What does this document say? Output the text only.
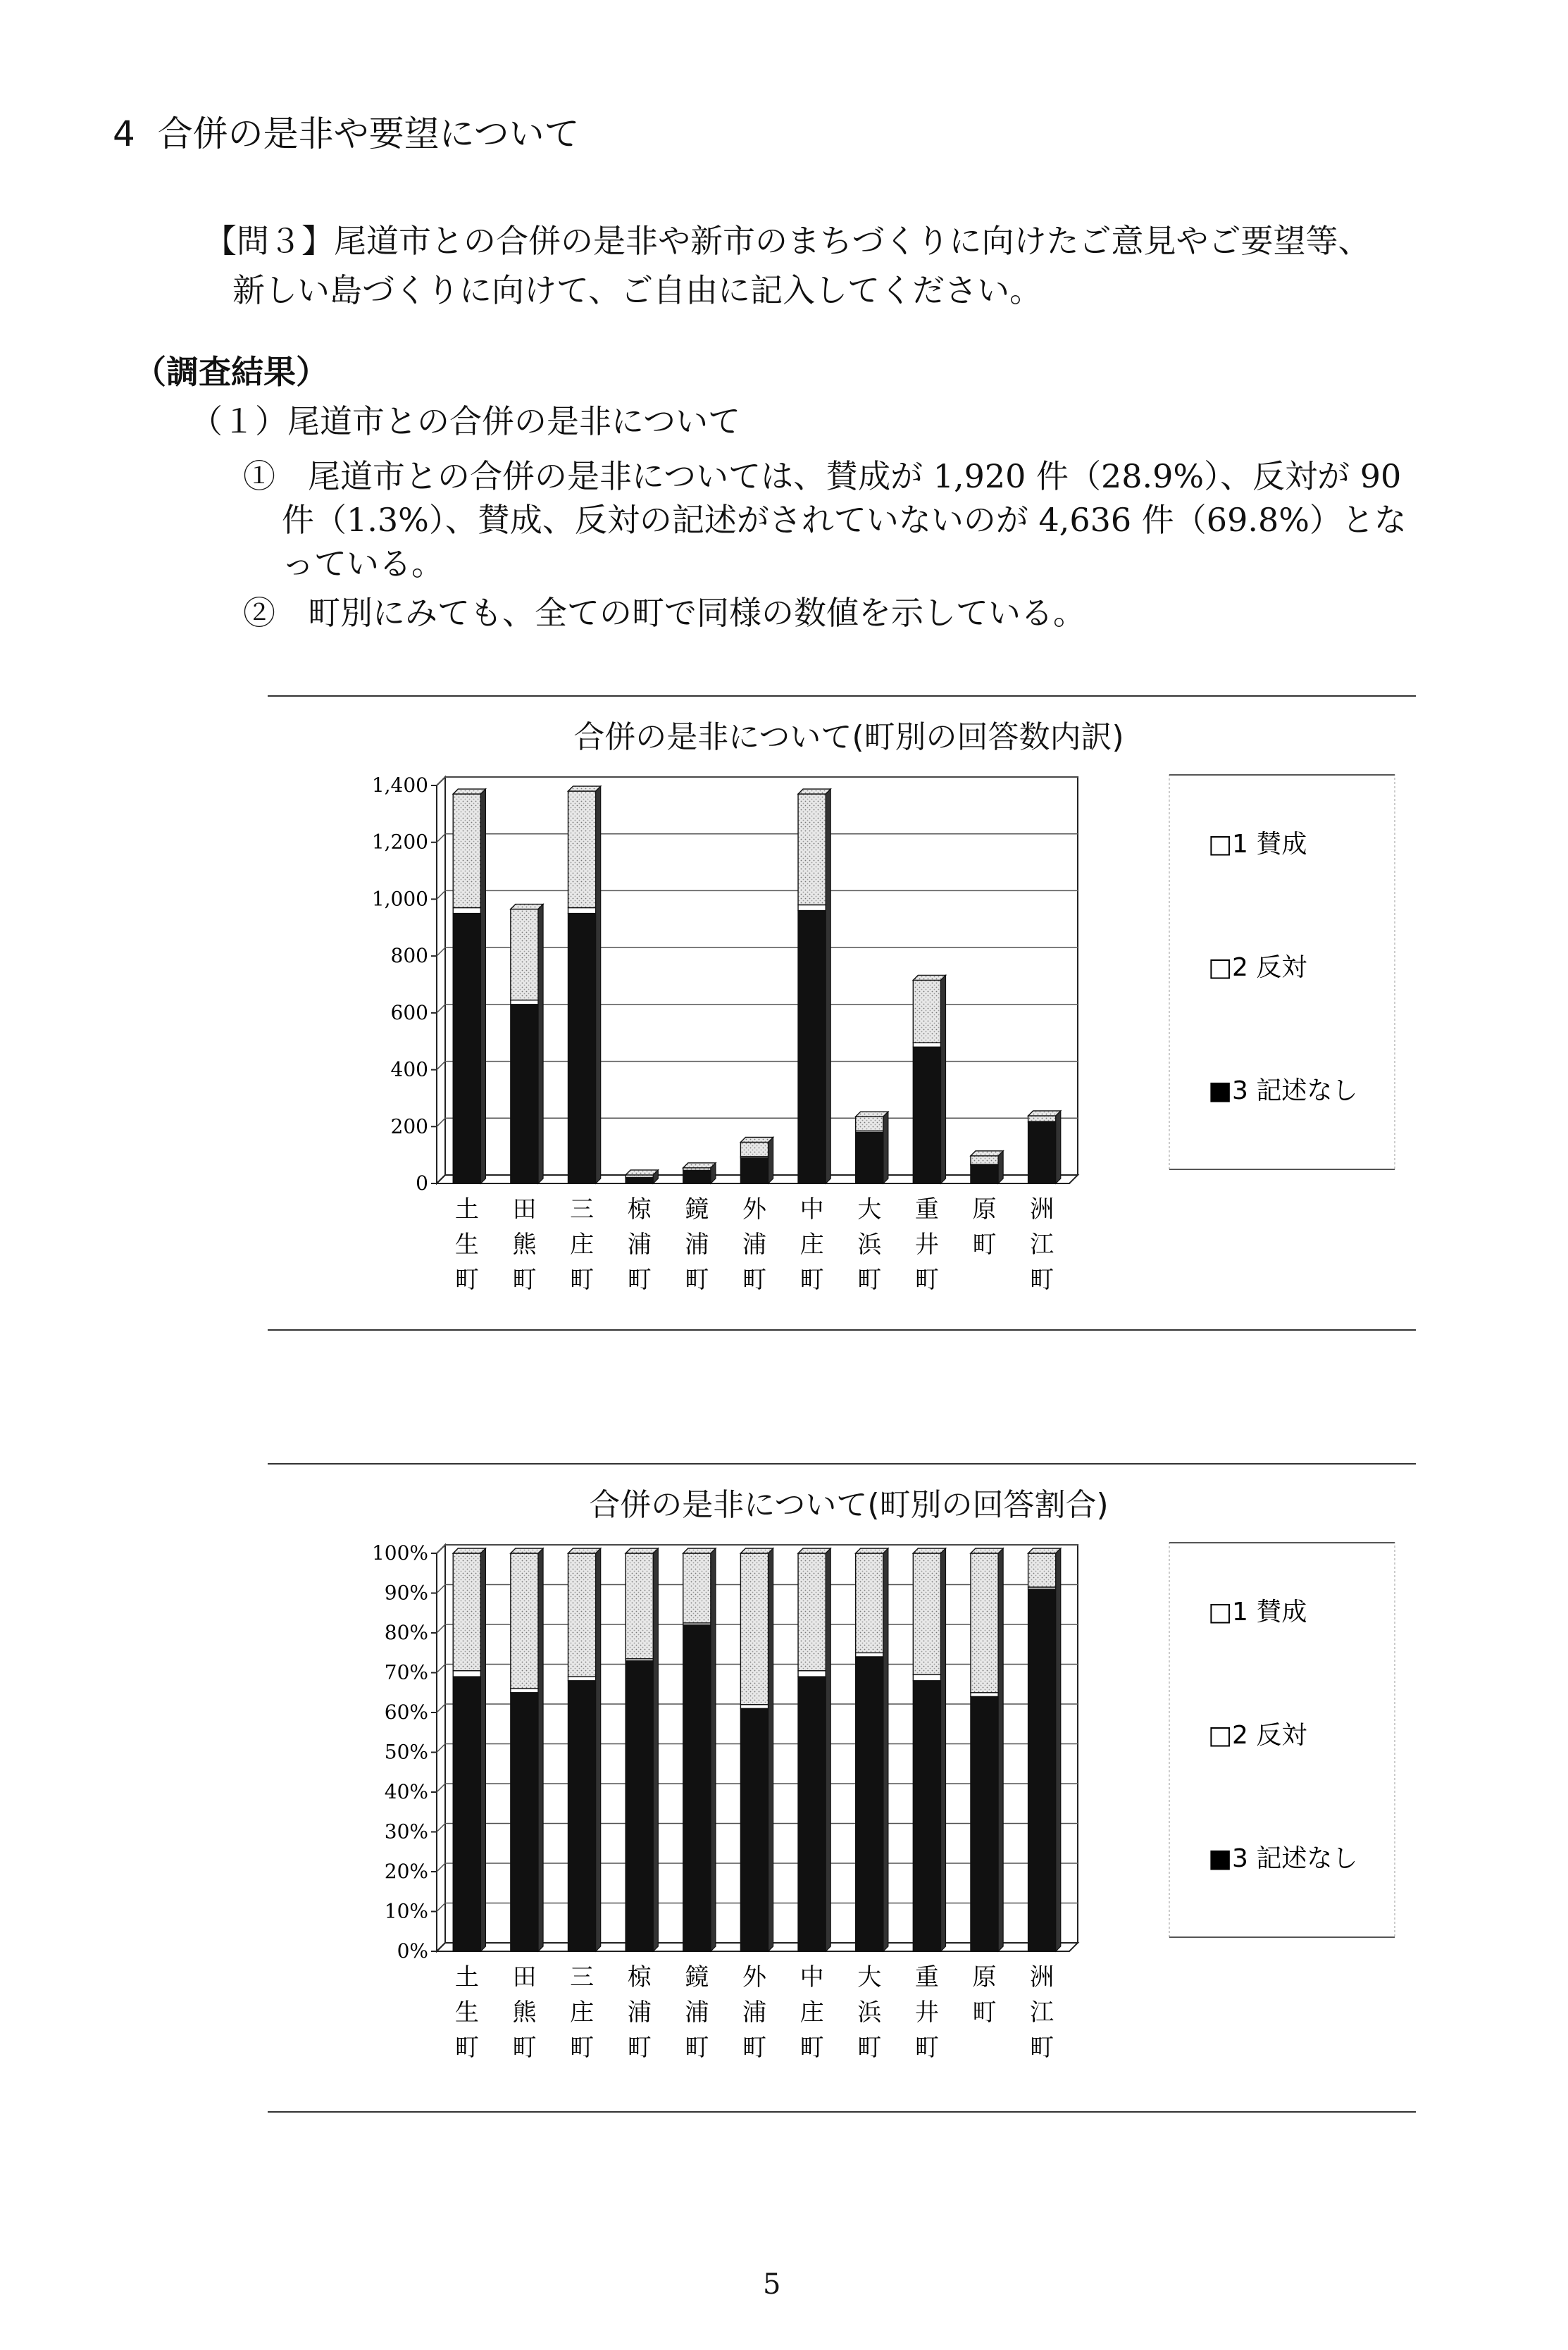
4 合併の是非や要望について
【問３】尾道市との合併の是非や新市のまちづくりに向けたご意見やご要望等、
新しい島づくりに向けて、ご自由に記入してください。
（調査結果）
（１）尾道市との合併の是非について
①　尾道市との合併の是非については、賛成が 1,920 件（28.9%）、反対が 90
件（1.3%）、賛成、反対の記述がされていないのが 4,636 件（69.8%）とな
っている。
②　町別にみても、全ての町で同様の数値を示している。
合併の是非について(町別の回答数内訳)
0
200
400
600
800
1,000
1,200
1,400
土
生
町
田
熊
町
三
庄
町
椋
浦
町
鏡
浦
町
外
浦
町
中
庄
町
大
浜
町
重
井
町
原
町
洲
江
町
□1 賛成
□2 反対
■3 記述なし
合併の是非について(町別の回答割合)
0%
10%
20%
30%
40%
50%
60%
70%
80%
90%
100%
土
生
町
田
熊
町
三
庄
町
椋
浦
町
鏡
浦
町
外
浦
町
中
庄
町
大
浜
町
重
井
町
原
町
洲
江
町
□1 賛成
□2 反対
■3 記述なし
5
